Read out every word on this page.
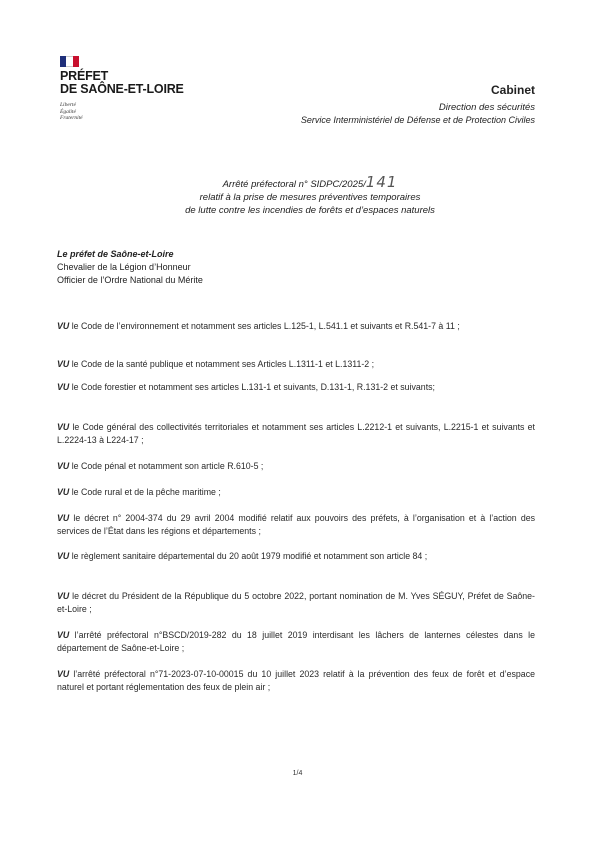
PRÉFET
DE SAÔNE-ET-LOIRE
Liberté
Égalité
Fraternité
Cabinet
Direction des sécurités
Service Interministériel de Défense et de Protection Civiles
Arrêté préfectoral n° SIDPC/2025/141
relatif à la prise de mesures préventives temporaires
de lutte contre les incendies de forêts et d’espaces naturels
Le préfet de Saône-et-Loire
Chevalier de la Légion d’Honneur
Officier de l’Ordre National du Mérite
VU le Code de l’environnement et notamment ses articles L.125-1, L.541.1 et suivants et R.541-7 à 11 ;
VU le Code de la santé publique et notamment ses Articles L.1311-1 et L.1311-2 ;
VU le Code forestier et notamment ses articles L.131-1 et suivants, D.131-1, R.131-2 et suivants;
VU le Code général des collectivités territoriales et notamment ses articles L.2212-1 et suivants, L.2215-1 et suivants et L.2224-13 à L224-17 ;
VU le Code pénal et notamment son article R.610-5 ;
VU le Code rural et de la pêche maritime ;
VU le décret n° 2004-374 du 29 avril 2004 modifié relatif aux pouvoirs des préfets, à l’organisation et à l’action des services de l’État dans les régions et départements ;
VU le règlement sanitaire départemental du 20 août 1979 modifié et notamment son article 84 ;
VU le décret du Président de la République du 5 octobre 2022, portant nomination de M. Yves SÉGUY, Préfet de Saône-et-Loire ;
VU l’arrêté préfectoral n°BSCD/2019-282 du 18 juillet 2019 interdisant les lâchers de lanternes célestes dans le département de Saône-et-Loire ;
VU l’arrêté préfectoral n°71-2023-07-10-00015 du 10 juillet 2023 relatif à la prévention des feux de forêt et d’espace naturel et portant réglementation des feux de plein air ;
1/4
